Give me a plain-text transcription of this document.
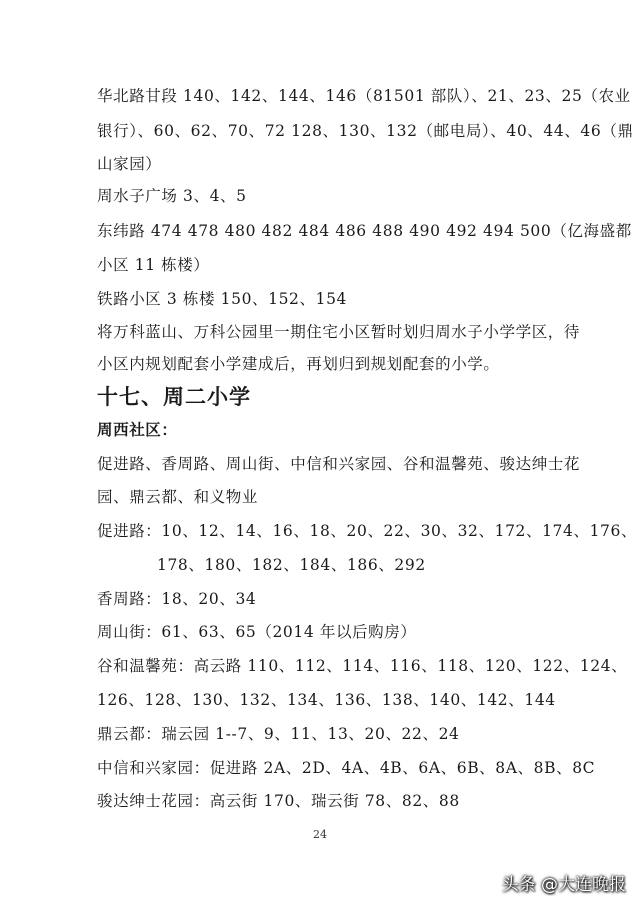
华北路甘段 140、142、144、146（81501 部队）、21、23、25（农业
银行）、60、62、70、72 128、130、132（邮电局）、40、44、46（鼎
山家园）
周水子广场 3、4、5
东纬路 474 478 480 482 484 486 488 490 492 494 500（亿海盛都
小区 11 栋楼）
铁路小区 3 栋楼 150、152、154
将万科蓝山、万科公园里一期住宅小区暂时划归周水子小学学区，待
小区内规划配套小学建成后，再划归到规划配套的小学。
十七、周二小学
周西社区：
促进路、香周路、周山街、中信和兴家园、谷和温馨苑、骏达绅士花
园、鼎云都、和义物业
促进路：10、12、14、16、18、20、22、30、32、172、174、176、
178、180、182、184、186、292
香周路：18、20、34
周山街：61、63、65（2014 年以后购房）
谷和温馨苑：高云路 110、112、114、116、118、120、122、124、
126、128、130、132、134、136、138、140、142、144
鼎云都：瑞云园 1--7、9、11、13、20、22、24
中信和兴家园：促进路 2A、2D、4A、4B、6A、6B、8A、8B、8C
骏达绅士花园：高云街 170、瑞云街 78、82、88
24
头条 @大连晚报
